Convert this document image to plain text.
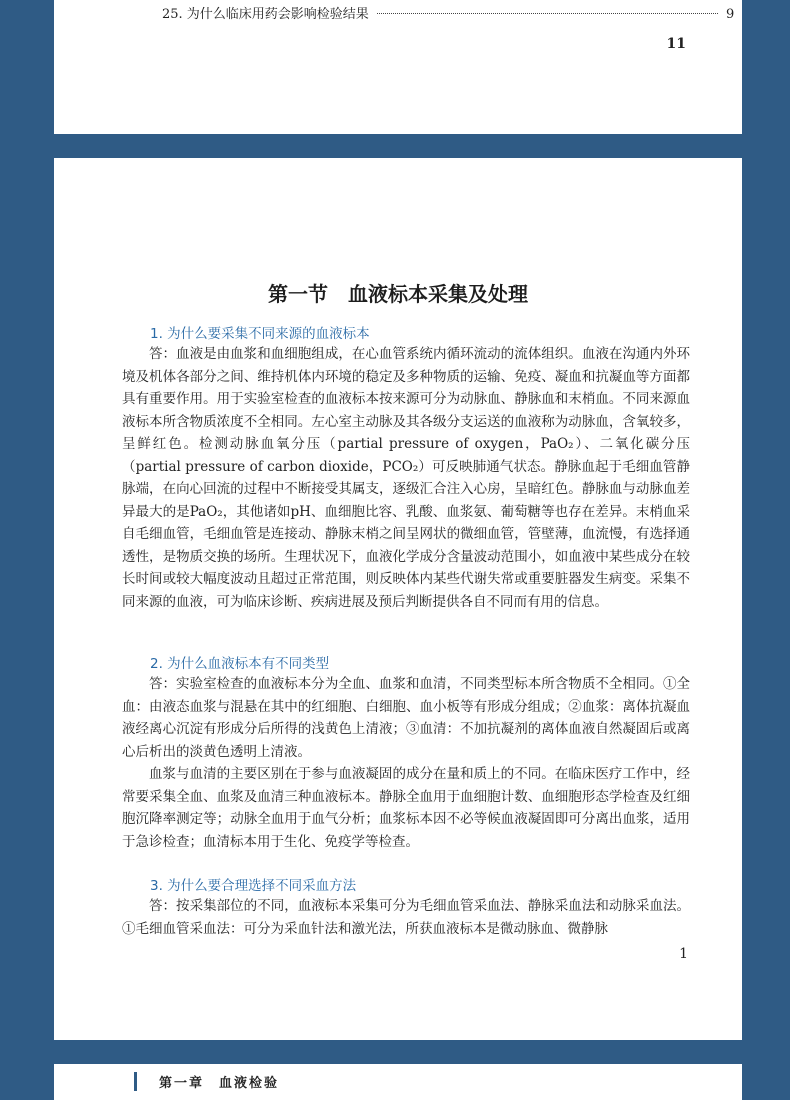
25. 为什么临床用药会影响检验结果	9
11
第一节　血液标本采集及处理
1. 为什么要采集不同来源的血液标本

答：血液是由血浆和血细胞组成，在心血管系统内循环流动的流体组织。血液在沟通内外环境及机体各部分之间、维持机体内环境的稳定及多种物质的运输、免疫、凝血和抗凝血等方面都具有重要作用。用于实验室检查的血液标本按来源可分为动脉血、静脉血和末梢血。不同来源血液标本所含物质浓度不全相同。左心室主动脉及其各级分支运送的血液称为动脉血，含氧较多，呈鲜红色。检测动脉血氧分压（partial pressure of oxygen，PaO₂）、二氧化碳分压（partial pressure of carbon dioxide，PCO₂）可反映肺通气状态。静脉血起于毛细血管静脉端，在向心回流的过程中不断接受其属支，逐级汇合注入心房，呈暗红色。静脉血与动脉血差异最大的是PaO₂，其他诸如pH、血细胞比容、乳酸、血浆氨、葡萄糖等也存在差异。末梢血采自毛细血管，毛细血管是连接动、静脉末梢之间呈网状的微细血管，管壁薄，血流慢，有选择通透性，是物质交换的场所。生理状况下，血液化学成分含量波动范围小，如血液中某些成分在较长时间或较大幅度波动且超过正常范围，则反映体内某些代谢失常或重要脏器发生病变。采集不同来源的血液，可为临床诊断、疾病进展及预后判断提供各自不同而有用的信息。

2. 为什么血液标本有不同类型

答：实验室检查的血液标本分为全血、血浆和血清，不同类型标本所含物质不全相同。①全血：由液态血浆与混悬在其中的红细胞、白细胞、血小板等有形成分组成；②血浆：离体抗凝血液经离心沉淀有形成分后所得的浅黄色上清液；③血清：不加抗凝剂的离体血液自然凝固后或离心后析出的淡黄色透明上清液。

血浆与血清的主要区别在于参与血液凝固的成分在量和质上的不同。在临床医疗工作中，经常要采集全血、血浆及血清三种血液标本。静脉全血用于血细胞计数、血细胞形态学检查及红细胞沉降率测定等；动脉全血用于血气分析；血浆标本因不必等候血液凝固即可分离出血浆，适用于急诊检查；血清标本用于生化、免疫学等检查。

3. 为什么要合理选择不同采血方法

答：按采集部位的不同，血液标本采集可分为毛细血管采血法、静脉采血法和动脉采血法。①毛细血管采血法：可分为采血针法和激光法，所获血液标本是微动脉血、微静脉

1
第一章　血液检验
